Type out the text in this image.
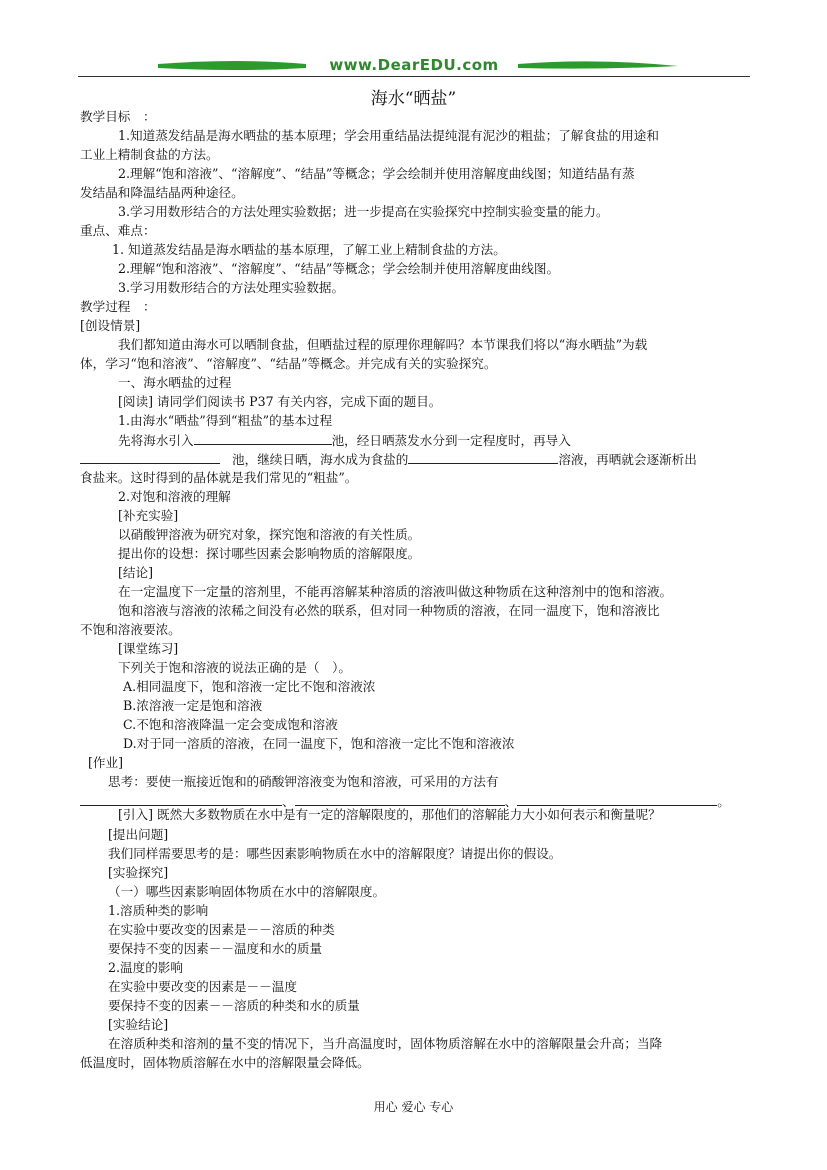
www.DearEDU.com
海水“晒盐”
教学目标　：
1.知道蒸发结晶是海水晒盐的基本原理；学会用重结晶法提纯混有泥沙的粗盐；了解食盐的用途和
工业上精制食盐的方法。
2.理解“饱和溶液”、“溶解度”、“结晶”等概念；学会绘制并使用溶解度曲线图；知道结晶有蒸
发结晶和降温结晶两种途径。
3.学习用数形结合的方法处理实验数据；进一步提高在实验探究中控制实验变量的能力。
重点、难点：
1. 知道蒸发结晶是海水晒盐的基本原理，了解工业上精制食盐的方法。
2.理解“饱和溶液”、“溶解度”、“结晶”等概念；学会绘制并使用溶解度曲线图。
3.学习用数形结合的方法处理实验数据。
教学过程　：
[创设情景]
我们都知道由海水可以晒制食盐，但晒盐过程的原理你理解吗？本节课我们将以“海水晒盐”为载
体，学习“饱和溶液”、“溶解度”、“结晶”等概念。并完成有关的实验探究。
一、海水晒盐的过程
[阅读] 请同学们阅读书 P37 有关内容，完成下面的题目。
1.由海水“晒盐”得到“粗盐”的基本过程
先将海水引入	池，经日晒蒸发水分到一定程度时，再导入
池，继续日晒，海水成为食盐的	溶液，再晒就会逐渐析出
食盐来。这时得到的晶体就是我们常见的“粗盐”。
2.对饱和溶液的理解
[补充实验]
以硝酸钾溶液为研究对象，探究饱和溶液的有关性质。
提出你的设想：探讨哪些因素会影响物质的溶解限度。
[结论]
在一定温度下一定量的溶剂里，不能再溶解某种溶质的溶液叫做这种物质在这种溶剂中的饱和溶液。
饱和溶液与溶液的浓稀之间没有必然的联系，但对同一种物质的溶液，在同一温度下，饱和溶液比
不饱和溶液要浓。
[课堂练习]
下列关于饱和溶液的说法正确的是（　）。
A.相同温度下，饱和溶液一定比不饱和溶液浓
B.浓溶液一定是饱和溶液
C.不饱和溶液降温一定会变成饱和溶液
D.对于同一溶质的溶液，在同一温度下，饱和溶液一定比不饱和溶液浓
[作业]
思考：要使一瓶接近饱和的硝酸钾溶液变为饱和溶液，可采用的方法有
、	、	。
[引入] 既然大多数物质在水中是有一定的溶解限度的，那他们的溶解能力大小如何表示和衡量呢？
[提出问题]
我们同样需要思考的是：哪些因素影响物质在水中的溶解限度？请提出你的假设。
[实验探究]
（一）哪些因素影响固体物质在水中的溶解限度。
1.溶质种类的影响
在实验中要改变的因素是－－溶质的种类
要保持不变的因素－－温度和水的质量
2.温度的影响
在实验中要改变的因素是－－温度
要保持不变的因素－－溶质的种类和水的质量
[实验结论]
在溶质种类和溶剂的量不变的情况下，当升高温度时，固体物质溶解在水中的溶解限量会升高；当降
低温度时，固体物质溶解在水中的溶解限量会降低。
用心 爱心 专心
